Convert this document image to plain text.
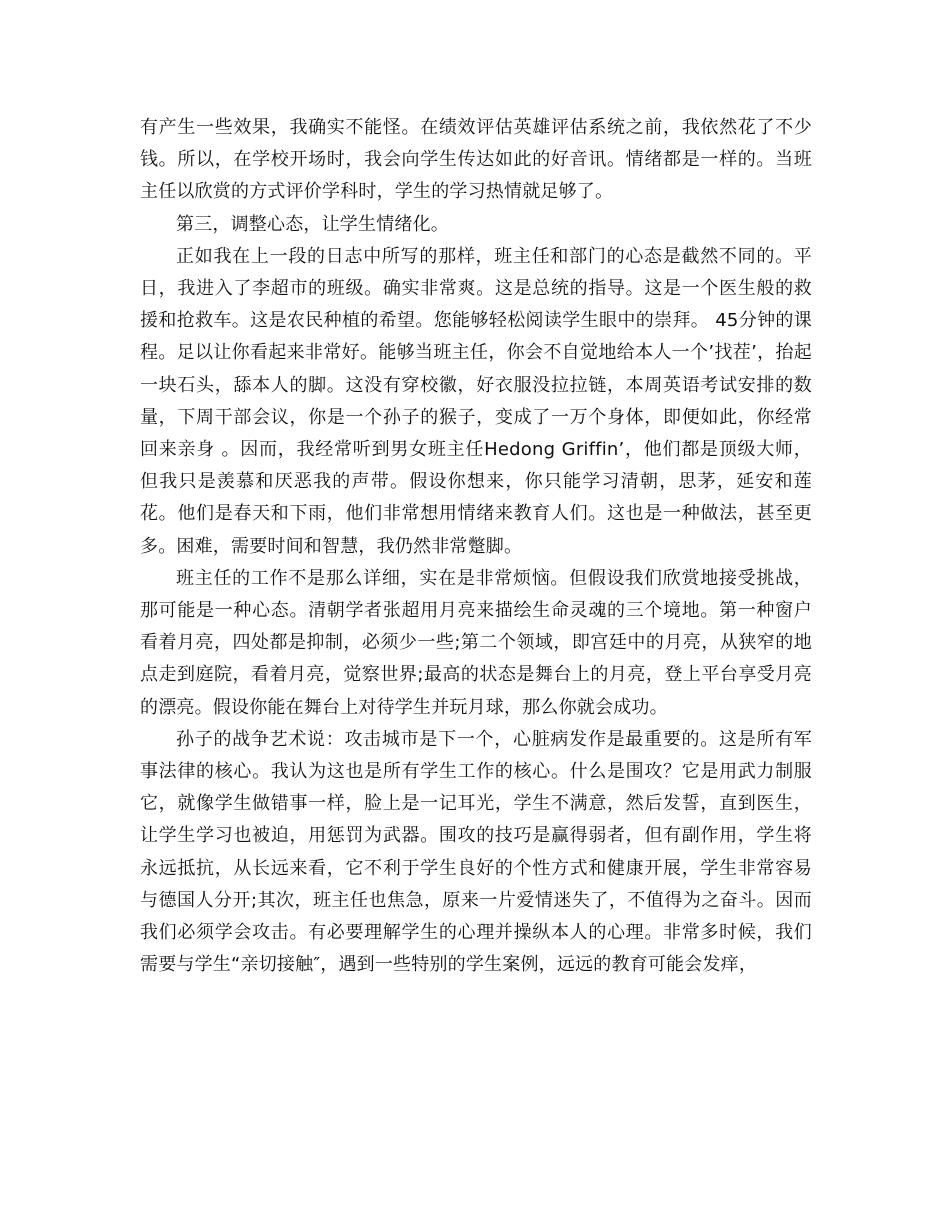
有产生一些效果，我确实不能怪。在绩效评估英雄评估系统之前，我依然花了不少钱。所以，在学校开场时，我会向学生传达如此的好音讯。情绪都是一样的。当班主任以欣赏的方式评价学科时，学生的学习热情就足够了。

第三，调整心态，让学生情绪化。

正如我在上一段的日志中所写的那样，班主任和部门的心态是截然不同的。平日，我进入了李超市的班级。确实非常爽。这是总统的指导。这是一个医生般的救援和抢救车。这是农民种植的希望。您能够轻松阅读学生眼中的崇拜。 45分钟的课程。足以让你看起来非常好。能够当班主任，你会不自觉地给本人一个’找茬’，抬起一块石头，舔本人的脚。这没有穿校徽，好衣服没拉拉链，本周英语考试安排的数量，下周干部会议，你是一个孙子的猴子，变成了一万个身体，即便如此，你经常回来亲身 。因而，我经常听到男女班主任Hedong Griffin’，他们都是顶级大师，但我只是羡慕和厌恶我的声带。假设你想来，你只能学习清朝，思茅，延安和莲花。他们是春天和下雨，他们非常想用情绪来教育人们。这也是一种做法，甚至更多。困难，需要时间和智慧，我仍然非常蹩脚。

班主任的工作不是那么详细，实在是非常烦恼。但假设我们欣赏地接受挑战，那可能是一种心态。清朝学者张超用月亮来描绘生命灵魂的三个境地。第一种窗户看着月亮，四处都是抑制，必须少一些;第二个领域，即宫廷中的月亮，从狭窄的地点走到庭院，看着月亮，觉察世界;最高的状态是舞台上的月亮，登上平台享受月亮的漂亮。假设你能在舞台上对待学生并玩月球，那么你就会成功。

孙子的战争艺术说：攻击城市是下一个，心脏病发作是最重要的。这是所有军事法律的核心。我认为这也是所有学生工作的核心。什么是围攻？它是用武力制服它，就像学生做错事一样，脸上是一记耳光，学生不满意，然后发誓，直到医生，让学生学习也被迫，用惩罚为武器。围攻的技巧是赢得弱者，但有副作用，学生将永远抵抗，从长远来看，它不利于学生良好的个性方式和健康开展，学生非常容易与德国人分开;其次，班主任也焦急，原来一片爱情迷失了，不值得为之奋斗。因而我们必须学会攻击。有必要理解学生的心理并操纵本人的心理。非常多时候，我们需要与学生“亲切接触″，遇到一些特别的学生案例，远远的教育可能会发痒，
